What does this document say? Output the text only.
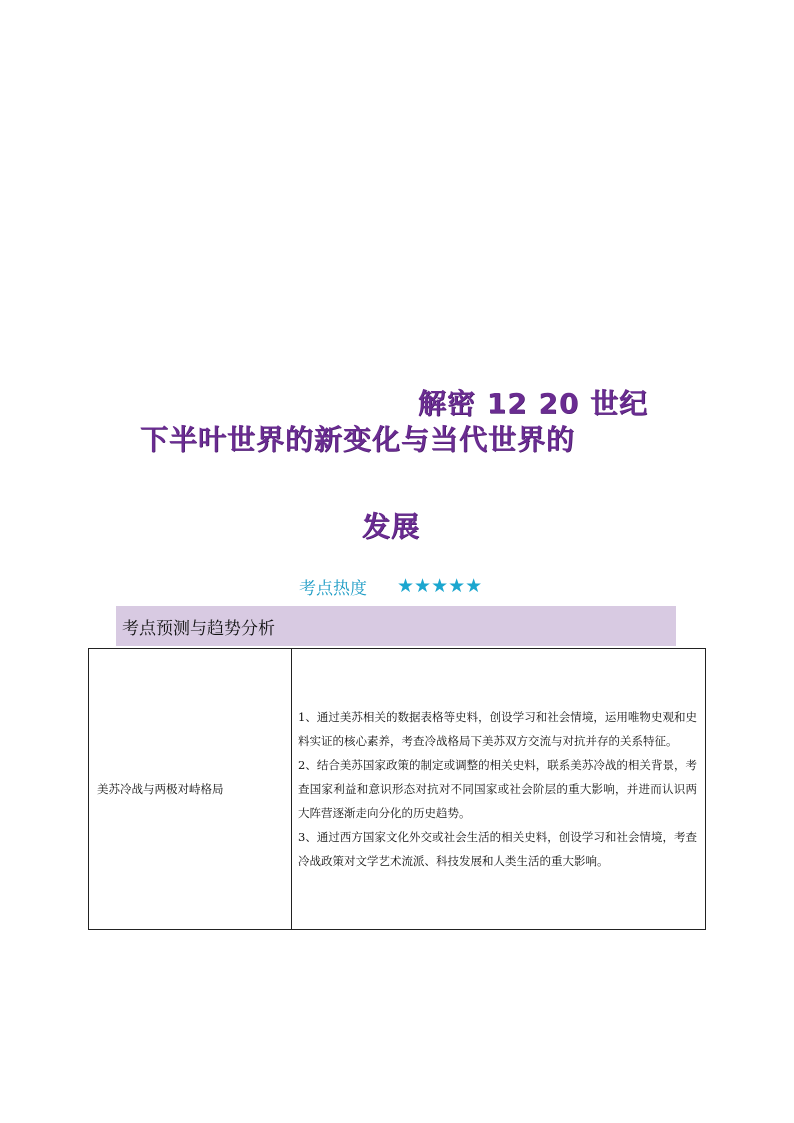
解密 12 20 世纪
下半叶世界的新变化与当代世界的
发展
考点热度 ★★★★★
考点预测与趋势分析
美苏冷战与两极对峙格局	

1、通过美苏相关的数据表格等史料，创设学习和社会情境，运用唯物史观和史料实证的核心素养，考查冷战格局下美苏双方交流与对抗并存的关系特征。

2、结合美苏国家政策的制定或调整的相关史料，联系美苏冷战的相关背景，考查国家利益和意识形态对抗对不同国家或社会阶层的重大影响，并进而认识两大阵营逐渐走向分化的历史趋势。

3、通过西方国家文化外交或社会生活的相关史料，创设学习和社会情境，考查冷战政策对文学艺术流派、科技发展和人类生活的重大影响。
